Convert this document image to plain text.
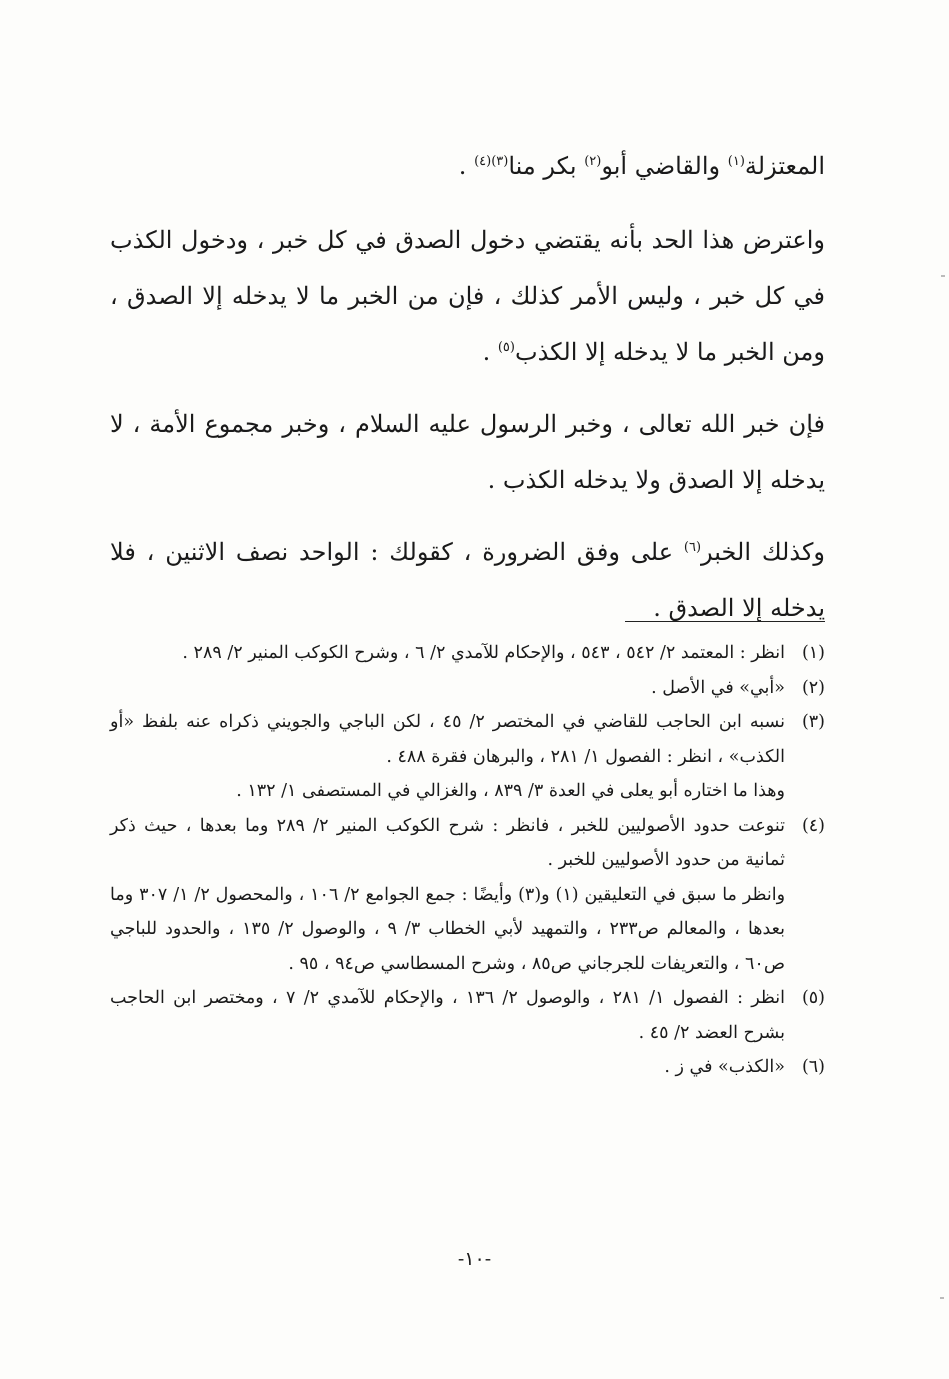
المعتزلة$^{(١)}$ والقاضي أبو$^{(٢)}$ بكر منا$^{(٣)(٤)}$ .

واعترض هذا الحد بأنه يقتضي دخول الصدق في كل خبر ، ودخول الكذب في كل خبر ، وليس الأمر كذلك ، فإن من الخبر ما لا يدخله إلا الصدق ، ومن الخبر ما لا يدخله إلا الكذب$^{(٥)}$ .

فإن خبر الله تعالى ، وخبر الرسول عليه السلام ، وخبر مجموع الأمة ، لا يدخله إلا الصدق ولا يدخله الكذب .

وكذلك الخبر$^{(٦)}$ على وفق الضرورة ، كقولك : الواحد نصف الاثنين ، فلا يدخله إلا الصدق .

(١)

انظر : المعتمد ٢/ ٥٤٢ ، ٥٤٣ ، والإحكام للآمدي ٢/ ٦ ، وشرح الكوكب المنير ٢/ ٢٨٩ .

(٢)

«أبي» في الأصل .

(٣)

نسبه ابن الحاجب للقاضي في المختصر ٢/ ٤٥ ، لكن الباجي والجويني ذكراه عنه بلفظ «أو الكذب» ، انظر : الفصول ١/ ٢٨١ ، والبرهان فقرة ٤٨٨ .

وهذا ما اختاره أبو يعلى في العدة ٣/ ٨٣٩ ، والغزالي في المستصفى ١/ ١٣٢ .

(٤)

تنوعت حدود الأصوليين للخبر ، فانظر : شرح الكوكب المنير ٢/ ٢٨٩ وما بعدها ، حيث ذكر ثمانية من حدود الأصوليين للخبر .

وانظر ما سبق في التعليقين (١) و(٣) وأيضًا : جمع الجوامع ٢/ ١٠٦ ، والمحصول ٢/ ١/ ٣٠٧ وما بعدها ، والمعالم ص٢٣٣ ، والتمهيد لأبي الخطاب ٣/ ٩ ، والوصول ٢/ ١٣٥ ، والحدود للباجي ص٦٠ ، والتعريفات للجرجاني ص٨٥ ، وشرح المسطاسي ص٩٤ ، ٩٥ .

(٥)

انظر : الفصول ١/ ٢٨١ ، والوصول ٢/ ١٣٦ ، والإحكام للآمدي ٢/ ٧ ، ومختصر ابن الحاجب بشرح العضد ٢/ ٤٥ .

(٦)

«الكذب» في ز .

-١٠-
